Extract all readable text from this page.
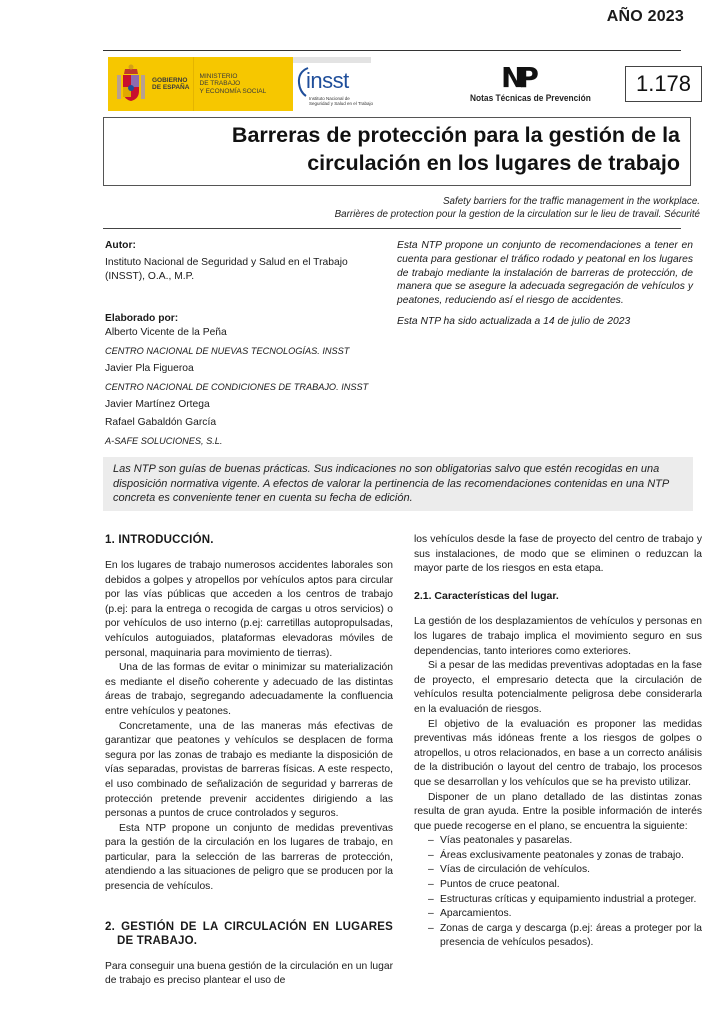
AÑO 2023
GOBIERNO
DE ESPAÑA
MINISTERIO
DE TRABAJO
Y ECONOMÍA SOCIAL insst
Instituto Nacional de
Seguridad y Salud en el Trabajo
NP
Notas Técnicas de Prevención
1.178
Barreras de protección para la gestión de la
circulación en los lugares de trabajo
Safety barriers for the traffic management in the workplace.
Barrières de protection pour la gestion de la circulation sur le lieu de travail. Sécurité
Autor:
Instituto Nacional de Seguridad y Salud en el Trabajo
(INSST), O.A., M.P.
Elaborado por:
Alberto Vicente de la Peña
CENTRO NACIONAL DE NUEVAS TECNOLOGÍAS. INSST
Javier Pla Figueroa
CENTRO NACIONAL DE CONDICIONES DE TRABAJO. INSST
Javier Martínez Ortega
Rafael Gabaldón García
A-SAFE SOLUCIONES, S.L.
Esta NTP propone un conjunto de recomendaciones a tener en cuenta para gestionar el tráfico rodado y peatonal en los lugares de trabajo mediante la instalación de barreras de protección, de manera que se asegure la adecuada segregación de vehículos y peatones, reduciendo así el riesgo de accidentes.
Esta NTP ha sido actualizada a 14 de julio de 2023
Las NTP son guías de buenas prácticas. Sus indicaciones no son obligatorias salvo que estén recogidas en una disposición normativa vigente. A efectos de valorar la pertinencia de las recomendaciones contenidas en una NTP concreta es conveniente tener en cuenta su fecha de edición.
1. INTRODUCCIÓN.

En los lugares de trabajo numerosos accidentes laborales son debidos a golpes y atropellos por vehículos aptos para circular por las vías públicas que acceden a los centros de trabajo (p.ej: para la entrega o recogida de cargas u otros servicios) o por vehículos de uso interno (p.ej: carretillas autopropulsadas, vehículos autoguiados, plataformas elevadoras móviles de personal, maquinaria para movimiento de tierras).

Una de las formas de evitar o minimizar su materialización es mediante el diseño coherente y adecuado de las distintas áreas de trabajo, segregando adecuadamente la confluencia entre vehículos y peatones.

Concretamente, una de las maneras más efectivas de garantizar que peatones y vehículos se desplacen de forma segura por las zonas de trabajo es mediante la disposición de vías separadas, provistas de barreras físicas. A este respecto, el uso combinado de señalización de seguridad y barreras de protección pretende prevenir accidentes dirigiendo a las personas a puntos de cruce controlados y seguros.

Esta NTP propone un conjunto de medidas preventivas para la gestión de la circulación en los lugares de trabajo, en particular, para la selección de las barreras de protección, atendiendo a las situaciones de peligro que se producen por la presencia de vehículos.

2. GESTIÓN DE LA CIRCULACIÓN EN LUGARES DE TRABAJO.

Para conseguir una buena gestión de la circulación en un lugar de trabajo es preciso plantear el uso de

los vehículos desde la fase de proyecto del centro de trabajo y sus instalaciones, de modo que se eliminen o reduzcan la mayor parte de los riesgos en esta etapa.

2.1. Características del lugar.

La gestión de los desplazamientos de vehículos y personas en los lugares de trabajo implica el movimiento seguro en sus dependencias, tanto interiores como exteriores.

Si a pesar de las medidas preventivas adoptadas en la fase de proyecto, el empresario detecta que la circulación de vehículos resulta potencialmente peligrosa debe considerarla en la evaluación de riesgos.

El objetivo de la evaluación es proponer las medidas preventivas más idóneas frente a los riesgos de golpes o atropellos, u otros relacionados, en base a un correcto análisis de la distribución o layout del centro de trabajo, los procesos que se desarrollan y los vehículos que se ha previsto utilizar.

Disponer de un plano detallado de las distintas zonas resulta de gran ayuda. Entre la posible información de interés que puede recogerse en el plano, se encuentra la siguiente:

– Vías peatonales y pasarelas.
– Áreas exclusivamente peatonales y zonas de trabajo.
– Vías de circulación de vehículos.
– Puntos de cruce peatonal.
– Estructuras críticas y equipamiento industrial a proteger.
– Aparcamientos.
– Zonas de carga y descarga (p.ej: áreas a proteger por la presencia de vehículos pesados).
